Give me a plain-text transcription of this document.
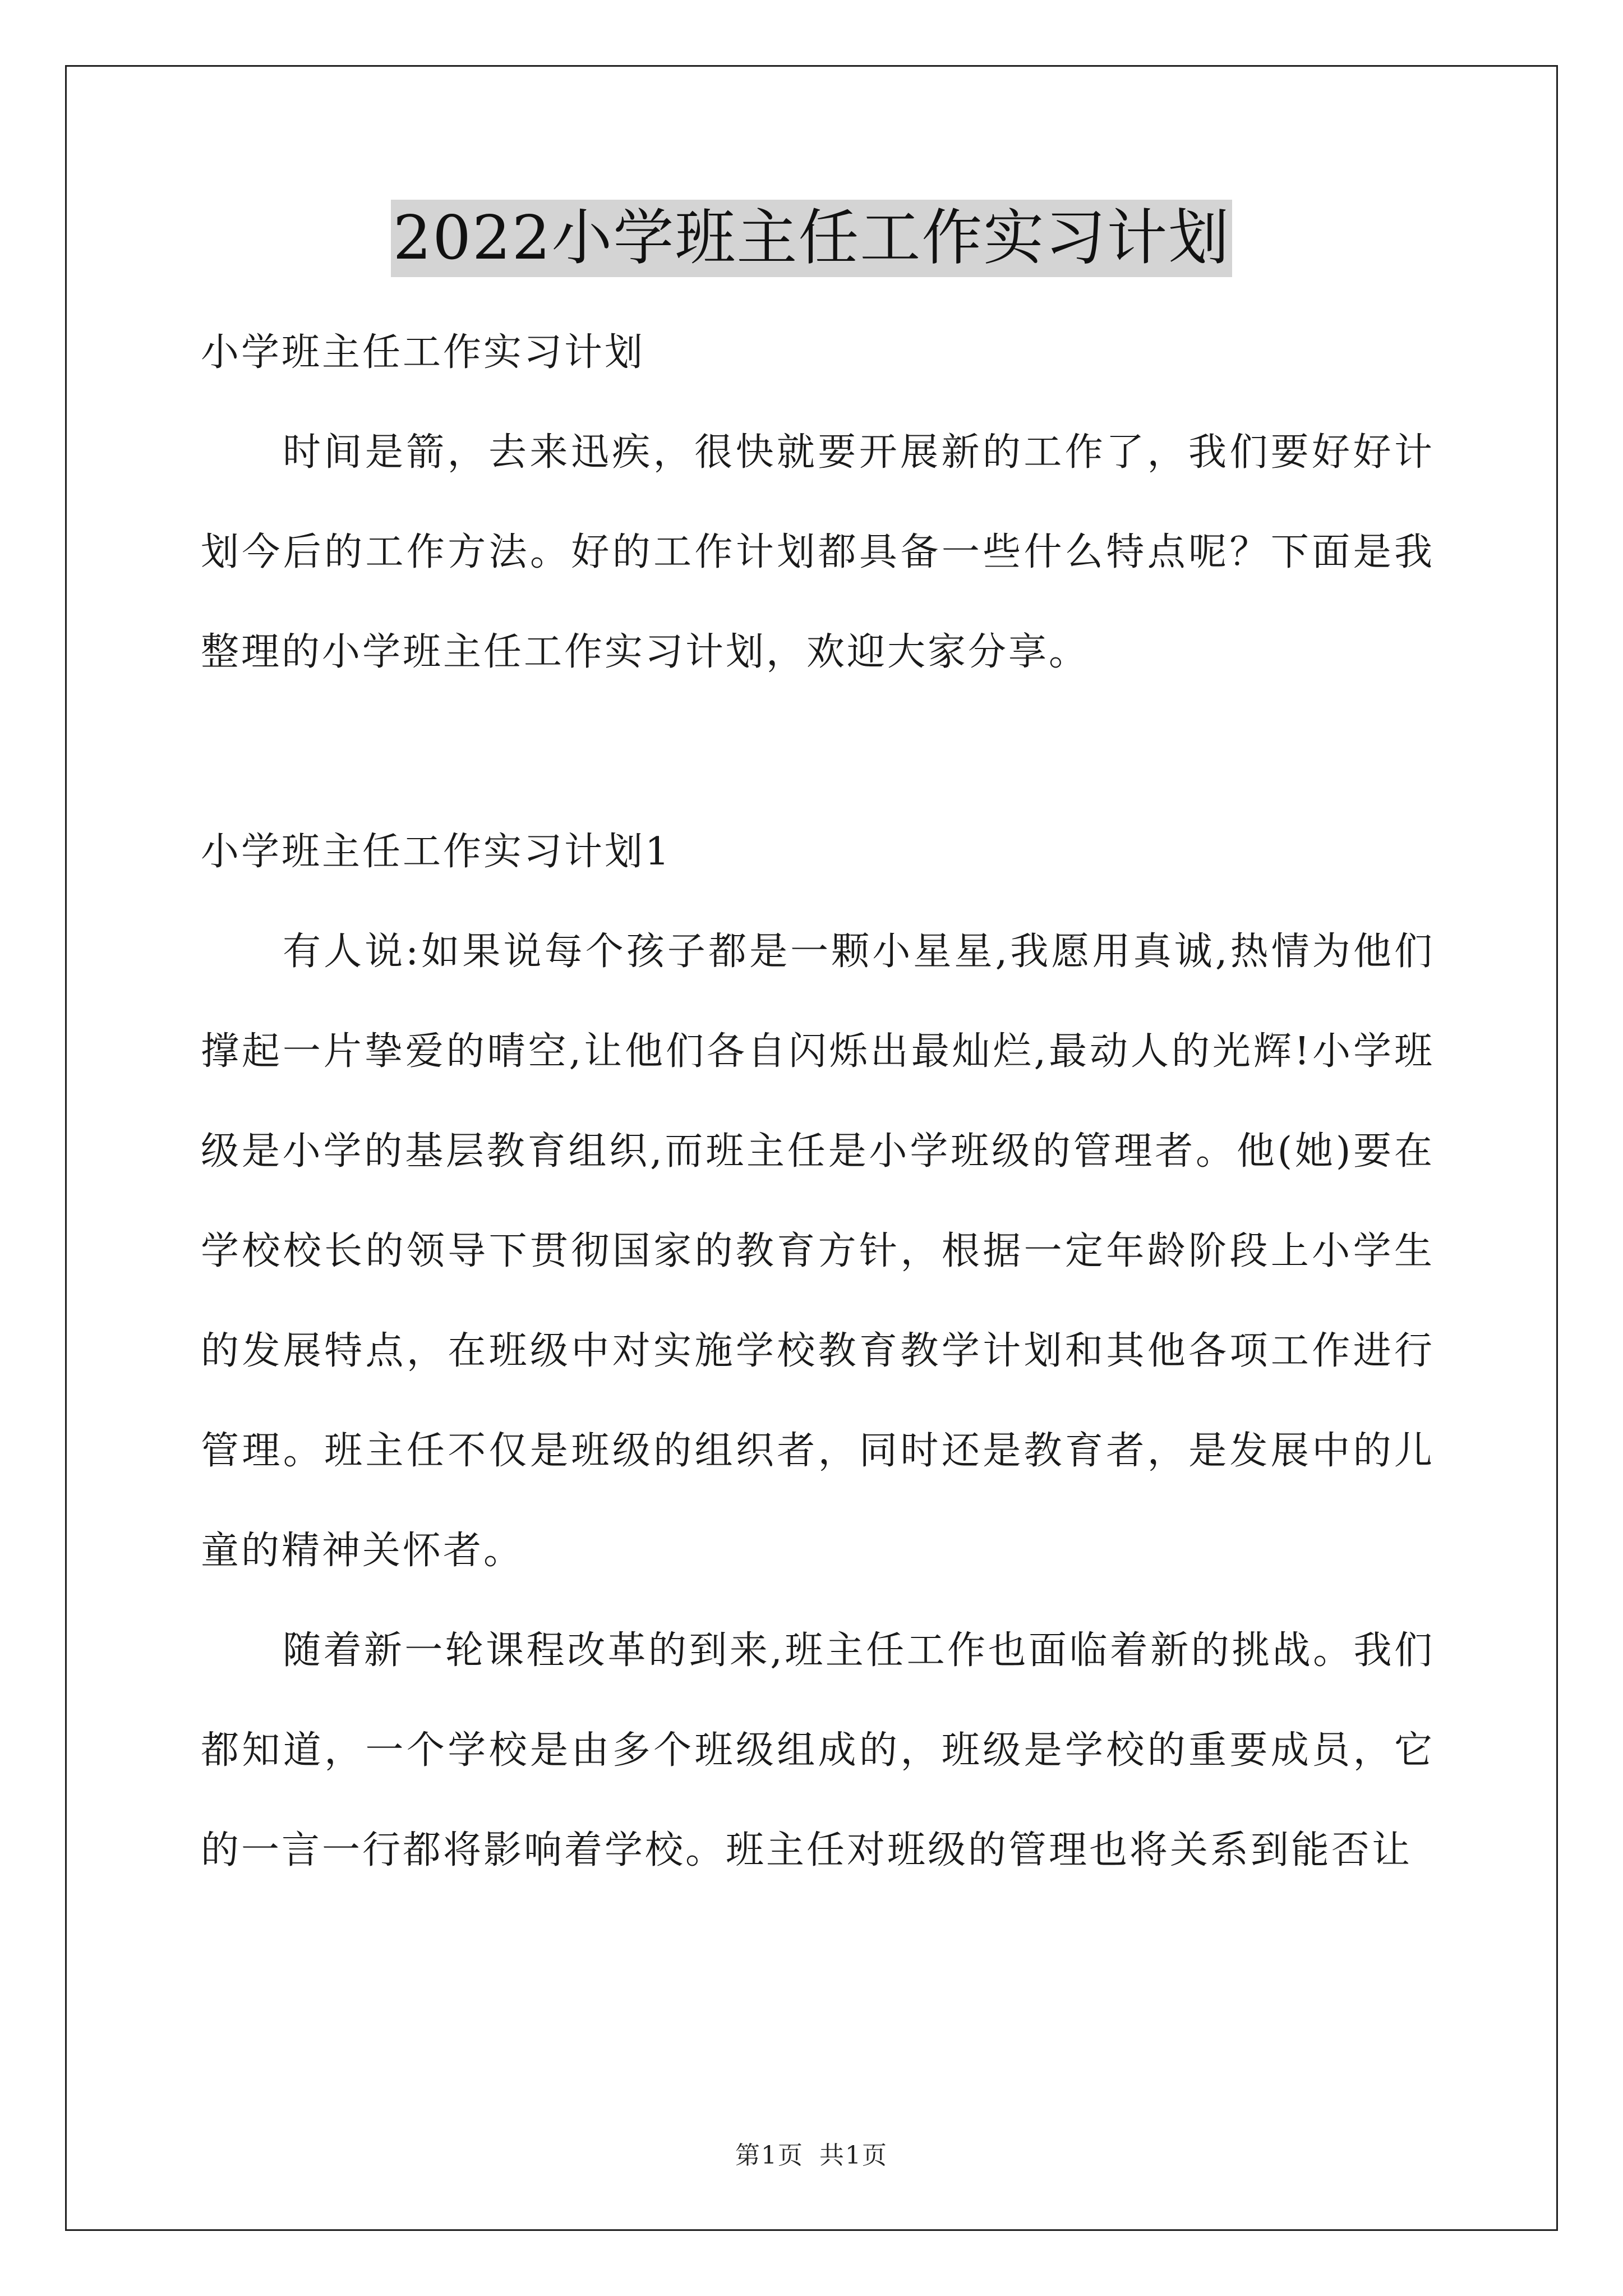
2022小学班主任工作实习计划

小学班主任工作实习计划

时间是箭，去来迅疾，很快就要开展新的工作了，我们要好好计划今后的工作方法。好的工作计划都具备一些什么特点呢？下面是我整理的小学班主任工作实习计划，欢迎大家分享。

小学班主任工作实习计划1

有人说:如果说每个孩子都是一颗小星星,我愿用真诚,热情为他们撑起一片挚爱的晴空,让他们各自闪烁出最灿烂,最动人的光辉!小学班级是小学的基层教育组织,而班主任是小学班级的管理者。他(她)要在学校校长的领导下贯彻国家的教育方针，根据一定年龄阶段上小学生的发展特点，在班级中对实施学校教育教学计划和其他各项工作进行管理。班主任不仅是班级的组织者，同时还是教育者，是发展中的儿童的精神关怀者。

随着新一轮课程改革的到来,班主任工作也面临着新的挑战。我们都知道，一个学校是由多个班级组成的，班级是学校的重要成员，它的一言一行都将影响着学校。班主任对班级的管理也将关系到能否让

第1页 共1页
